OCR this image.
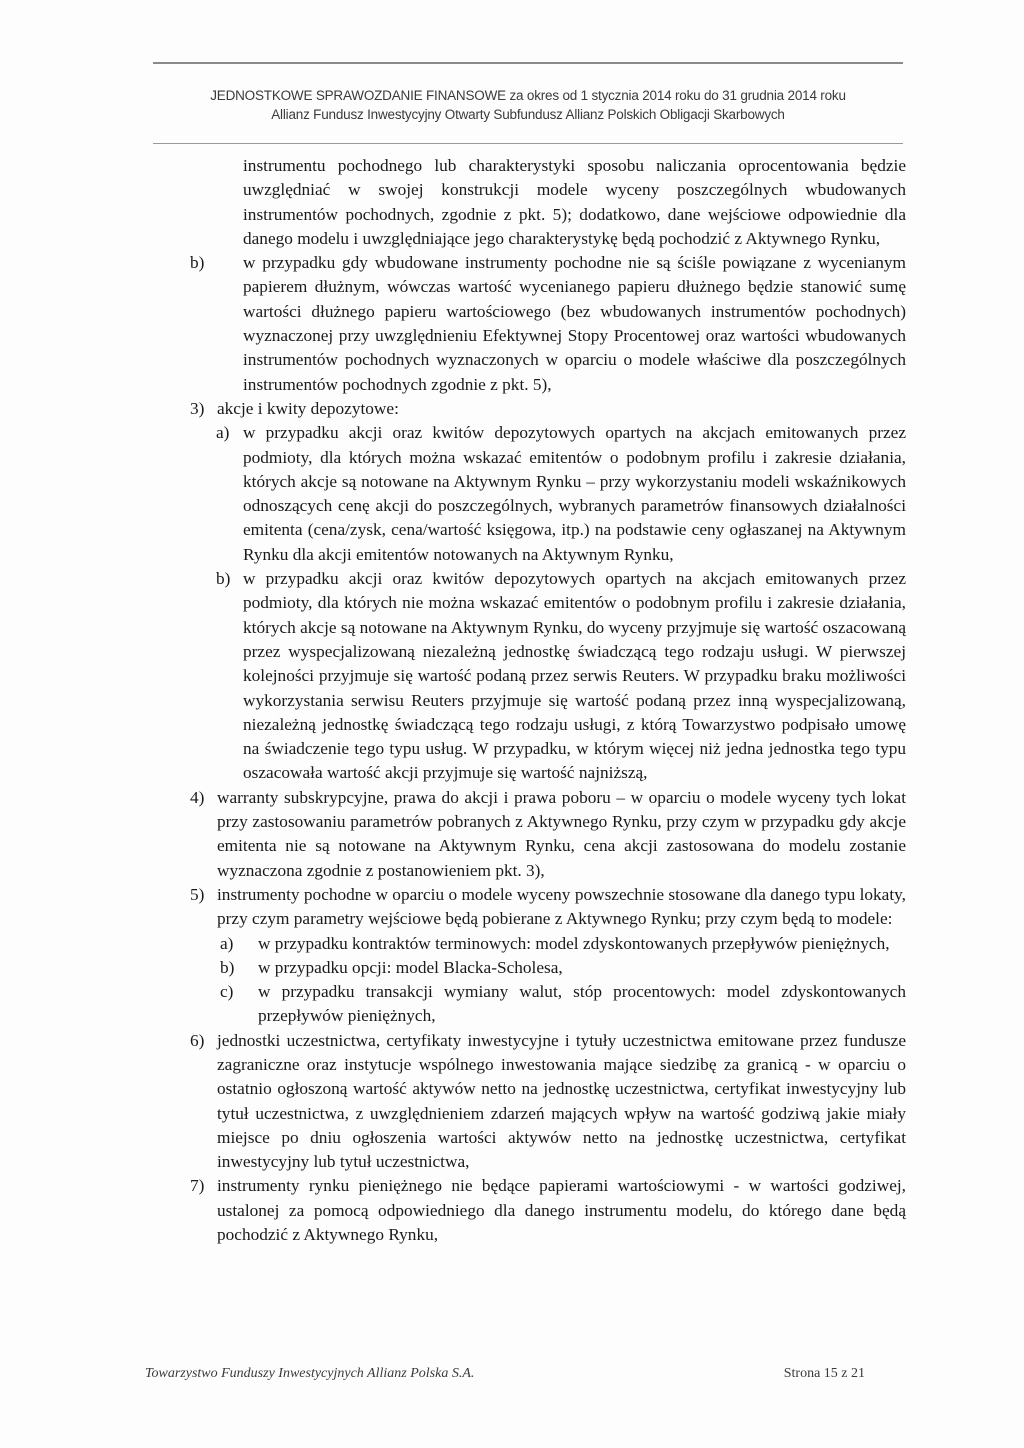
JEDNOSTKOWE SPRAWOZDANIE FINANSOWE za okres od 1 stycznia 2014 roku do 31 grudnia 2014 roku
Allianz Fundusz Inwestycyjny Otwarty Subfundusz Allianz Polskich Obligacji Skarbowych
instrumentu pochodnego lub charakterystyki sposobu naliczania oprocentowania będzie uwzględniać w swojej konstrukcji modele wyceny poszczególnych wbudowanych instrumentów pochodnych, zgodnie z pkt. 5); dodatkowo, dane wejściowe odpowiednie dla danego modelu i uwzględniające jego charakterystykę będą pochodzić z Aktywnego Rynku,
b) w przypadku gdy wbudowane instrumenty pochodne nie są ściśle powiązane z wycenianym papierem dłużnym, wówczas wartość wycenianego papieru dłużnego będzie stanowić sumę wartości dłużnego papieru wartościowego (bez wbudowanych instrumentów pochodnych) wyznaczonej przy uwzględnieniu Efektywnej Stopy Procentowej oraz wartości wbudowanych instrumentów pochodnych wyznaczonych w oparciu o modele właściwe dla poszczególnych instrumentów pochodnych zgodnie z pkt. 5),
3) akcje i kwity depozytowe:
a) w przypadku akcji oraz kwitów depozytowych opartych na akcjach emitowanych przez podmioty, dla których można wskazać emitentów o podobnym profilu i zakresie działania, których akcje są notowane na Aktywnym Rynku – przy wykorzystaniu modeli wskaźnikowych odnoszących cenę akcji do poszczególnych, wybranych parametrów finansowych działalności emitenta (cena/zysk, cena/wartość księgowa, itp.) na podstawie ceny ogłaszanej na Aktywnym Rynku dla akcji emitentów notowanych na Aktywnym Rynku,
b) w przypadku akcji oraz kwitów depozytowych opartych na akcjach emitowanych przez podmioty, dla których nie można wskazać emitentów o podobnym profilu i zakresie działania, których akcje są notowane na Aktywnym Rynku, do wyceny przyjmuje się wartość oszacowaną przez wyspecjalizowaną niezależną jednostkę świadczącą tego rodzaju usługi. W pierwszej kolejności przyjmuje się wartość podaną przez serwis Reuters. W przypadku braku możliwości wykorzystania serwisu Reuters przyjmuje się wartość podaną przez inną wyspecjalizowaną, niezależną jednostkę świadczącą tego rodzaju usługi, z którą Towarzystwo podpisało umowę na świadczenie tego typu usług. W przypadku, w którym więcej niż jedna jednostka tego typu oszacowała wartość akcji przyjmuje się wartość najniższą,
4) warranty subskrypcyjne, prawa do akcji i prawa poboru – w oparciu o modele wyceny tych lokat przy zastosowaniu parametrów pobranych z Aktywnego Rynku, przy czym w przypadku gdy akcje emitenta nie są notowane na Aktywnym Rynku, cena akcji zastosowana do modelu zostanie wyznaczona zgodnie z postanowieniem pkt. 3),
5) instrumenty pochodne w oparciu o modele wyceny powszechnie stosowane dla danego typu lokaty, przy czym parametry wejściowe będą pobierane z Aktywnego Rynku; przy czym będą to modele:
a) w przypadku kontraktów terminowych: model zdyskontowanych przepływów pieniężnych,
b) w przypadku opcji: model Blacka-Scholesa,
c) w przypadku transakcji wymiany walut, stóp procentowych: model zdyskontowanych przepływów pieniężnych,
6) jednostki uczestnictwa, certyfikaty inwestycyjne i tytuły uczestnictwa emitowane przez fundusze zagraniczne oraz instytucje wspólnego inwestowania mające siedzibę za granicą - w oparciu o ostatnio ogłoszoną wartość aktywów netto na jednostkę uczestnictwa, certyfikat inwestycyjny lub tytuł uczestnictwa, z uwzględnieniem zdarzeń mających wpływ na wartość godziwą jakie miały miejsce po dniu ogłoszenia wartości aktywów netto na jednostkę uczestnictwa, certyfikat inwestycyjny lub tytuł uczestnictwa,
7) instrumenty rynku pieniężnego nie będące papierami wartościowymi - w wartości godziwej, ustalonej za pomocą odpowiedniego dla danego instrumentu modelu, do którego dane będą pochodzić z Aktywnego Rynku,
Towarzystwo Funduszy Inwestycyjnych Allianz Polska S.A.	Strona 15 z 21
